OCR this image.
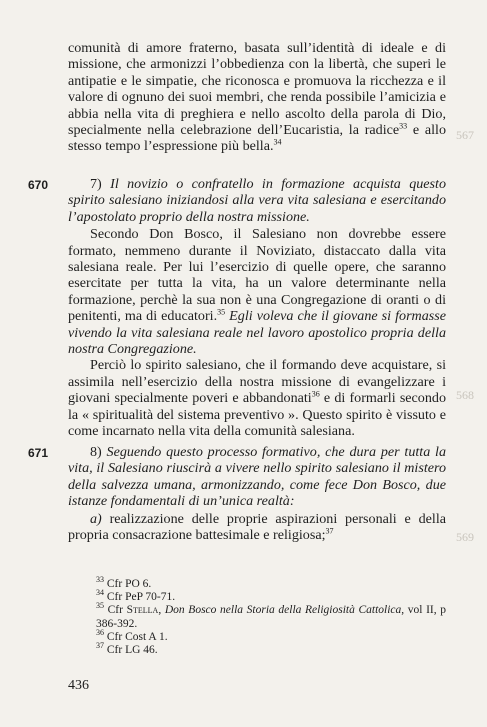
567
568
569

comunità di amore fraterno, basata sull’identità di ideale e di missione, che armonizzi l’obbedienza con la libertà, che superi le antipatie e le simpatie, che riconosca e promuova la ricchezza e il valore di ognuno dei suoi membri, che renda possibile l’amicizia e abbia nella vita di preghiera e nello ascolto della parola di Dio, specialmente nella celebrazione dell’Eucaristia, la radice$^{33}$ e allo stesso tempo l’espressione più bella.$^{34}$

670	7) Il novizio o confratello in formazione acquista questo spirito salesiano iniziandosi alla vera vita salesiana e esercitando l’apostolato proprio della nostra missione.

Secondo Don Bosco, il Salesiano non dovrebbe essere formato, nemmeno durante il Noviziato, distaccato dalla vita salesiana reale. Per lui l’esercizio di quelle opere, che saranno esercitate per tutta la vita, ha un valore determinante nella formazione, perchè la sua non è una Congregazione di oranti o di penitenti, ma di educatori.$^{35}$ Egli voleva che il giovane si formasse vivendo la vita salesiana reale nel lavoro apostolico propria della nostra Congregazione.

Perciò lo spirito salesiano, che il formando deve acquistare, si assimila nell’esercizio della nostra missione di evangelizzare i giovani specialmente poveri e abbandonati$^{36}$ e di formarli secondo la « spiritualità del sistema preventivo ». Questo spirito è vissuto e come incarnato nella vita della comunità salesiana.

671	8) Seguendo questo processo formativo, che dura per tutta la vita, il Salesiano riuscirà a vivere nello spirito salesiano il mistero della salvezza umana, armonizzando, come fece Don Bosco, due istanze fondamentali di un’unica realtà:

a) realizzazione delle proprie aspirazioni personali e della propria consacrazione battesimale e religiosa;$^{37}$

$^{33}$ Cfr PO 6.
$^{34}$ Cfr PeP 70-71.
$^{35}$ Cfr Stella, Don Bosco nella Storia della Religiosità Cattolica, vol II, p 386-392.
$^{36}$ Cfr Cost A 1.
$^{37}$ Cfr LG 46.
436
